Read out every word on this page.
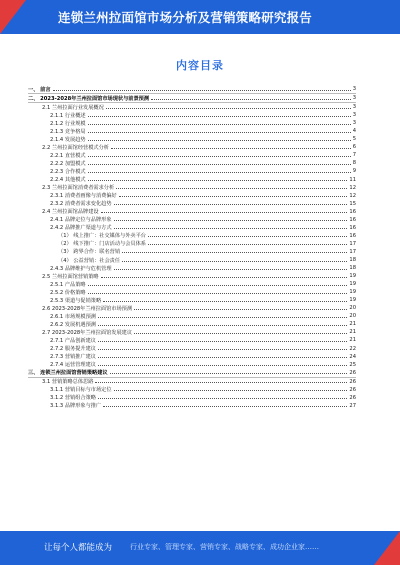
连锁兰州拉面馆市场分析及营销策略研究报告
内容目录
一、 前言	3
二、 2023-2028年兰州拉面馆市场现状与前景预测	3
2.1 兰州拉面行业发展概况	3
2.1.1 行业概述	3
2.1.2 行业规模	3
2.1.3 竞争格局	4
2.1.4 发展趋势	5
2.2 兰州拉面馆经营模式分析	6
2.2.1 直营模式	7
2.2.2 加盟模式	8
2.2.3 合作模式	9
2.2.4 其他模式	11
2.3 兰州拉面馆消费者需求分析	12
2.3.1 消费者画像与消费偏好	12
2.3.2 消费者需求变化趋势	15
2.4 兰州拉面馆品牌建设	16
2.4.1 品牌定位与品牌形象	16
2.4.2 品牌推广渠道与方式	16
（1） 线上推广：社交媒体与外卖平台	16
（2） 线下推广：门店活动与会员体系	17
（3） 跨界合作：联名营销	17
（4） 公益营销：社会责任	18
2.4.3 品牌维护与危机管理	18
2.5 兰州拉面馆营销策略	19
2.5.1 产品策略	19
2.5.2 价格策略	19
2.5.3 渠道与促销策略	19
2.6 2023-2028年兰州拉面馆市场预测	20
2.6.1 市场规模预测	20
2.6.2 发展机遇预测	21
2.7 2023-2028年兰州拉面馆发展建议	21
2.7.1 产品创新建议	21
2.7.2 服务提升建议	22
2.7.3 营销推广建议	24
2.7.4 运营管理建议	25
三、 连锁兰州拉面馆营销策略建议	26
3.1 营销策略总体思路	26
3.1.1 营销目标与市场定位	26
3.1.2 营销组合策略	26
3.1.3 品牌形象与推广	27
让每个人都能成为	行业专家、管理专家、营销专家、战略专家、成功企业家……
